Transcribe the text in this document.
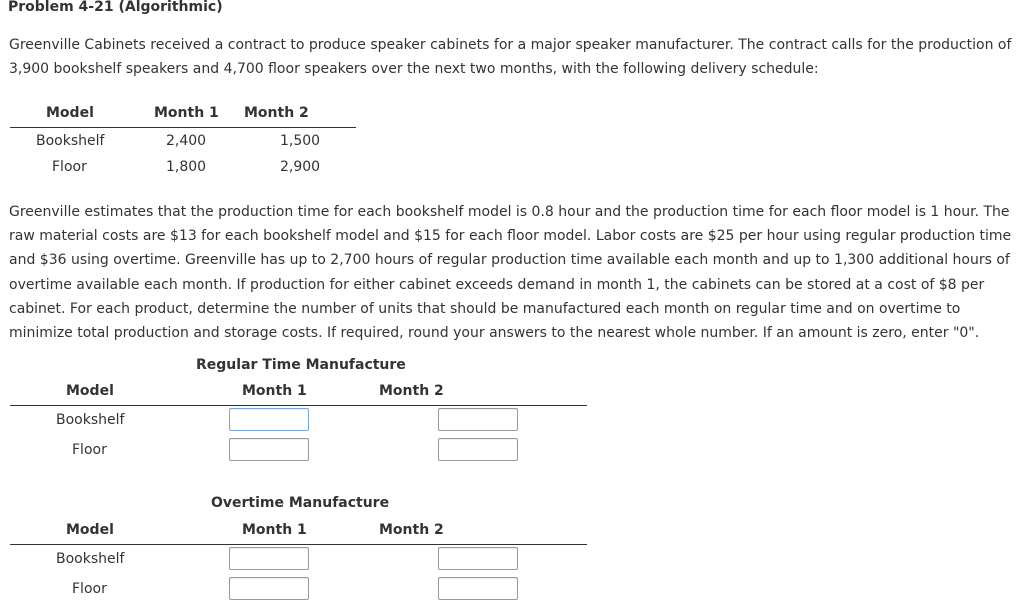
Problem 4-21 (Algorithmic)
Greenville Cabinets received a contract to produce speaker cabinets for a major speaker manufacturer. The contract calls for the production of 3,900 bookshelf speakers and 4,700 floor speakers over the next two months, with the following delivery schedule:
Model	Month 1 Month 2
Bookshelf	2,400	1,500
Floor	1,800	2,900
Greenville estimates that the production time for each bookshelf model is 0.8 hour and the production time for each floor model is 1 hour. The raw material costs are $13 for each bookshelf model and $15 for each floor model. Labor costs are $25 per hour using regular production time and $36 using overtime. Greenville has up to 2,700 hours of regular production time available each month and up to 1,300 additional hours of overtime available each month. If production for either cabinet exceeds demand in month 1, the cabinets can be stored at a cost of $8 per cabinet. For each product, determine the number of units that should be manufactured each month on regular time and on overtime to minimize total production and storage costs. If required, round your answers to the nearest whole number. If an amount is zero, enter "0".
Regular Time Manufacture
Model	Month 1	Month 2
Bookshelf
Floor
Overtime Manufacture
Model	Month 1	Month 2
Bookshelf
Floor
